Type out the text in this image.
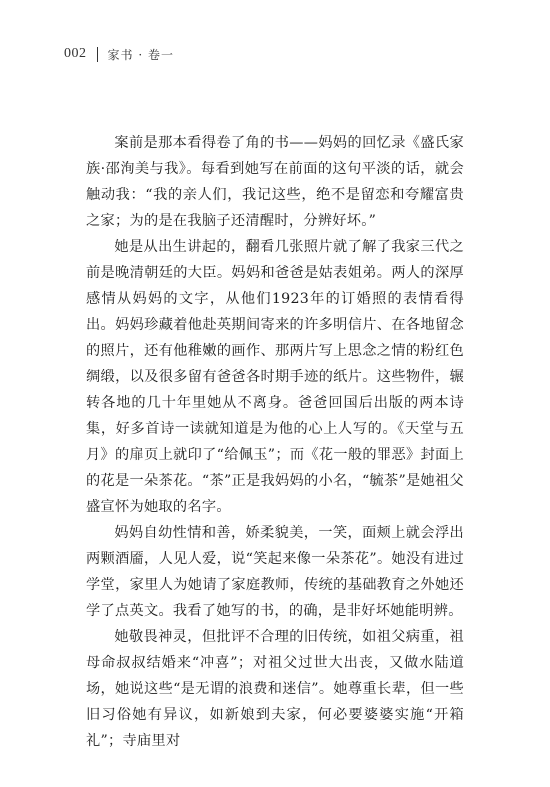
002 家书 · 卷一

案前是那本看得卷了角的书——妈妈的回忆录《盛氏家族·邵洵美与我》。每看到她写在前面的这句平淡的话，就会触动我：“我的亲人们，我记这些，绝不是留恋和夸耀富贵之家；为的是在我脑子还清醒时，分辨好坏。”

她是从出生讲起的，翻看几张照片就了解了我家三代之前是晚清朝廷的大臣。妈妈和爸爸是姑表姐弟。两人的深厚感情从妈妈的文字，从他们1923年的订婚照的表情看得出。妈妈珍藏着他赴英期间寄来的许多明信片、在各地留念的照片，还有他稚嫩的画作、那两片写上思念之情的粉红色绸缎，以及很多留有爸爸各时期手迹的纸片。这些物件，辗转各地的几十年里她从不离身。爸爸回国后出版的两本诗集，好多首诗一读就知道是为他的心上人写的。《天堂与五月》的扉页上就印了“给佩玉”；而《花一般的罪恶》封面上的花是一朵茶花。“茶”正是我妈妈的小名，“毓茶”是她祖父盛宣怀为她取的名字。

妈妈自幼性情和善，娇柔貌美，一笑，面颊上就会浮出两颗酒靥，人见人爱，说“笑起来像一朵茶花”。她没有进过学堂，家里人为她请了家庭教师，传统的基础教育之外她还学了点英文。我看了她写的书，的确，是非好坏她能明辨。

她敬畏神灵，但批评不合理的旧传统，如祖父病重，祖母命叔叔结婚来“冲喜”；对祖父过世大出丧，又做水陆道场，她说这些“是无谓的浪费和迷信”。她尊重长辈，但一些旧习俗她有异议，如新娘到夫家，何必要婆婆实施“开箱礼”；寺庙里对
